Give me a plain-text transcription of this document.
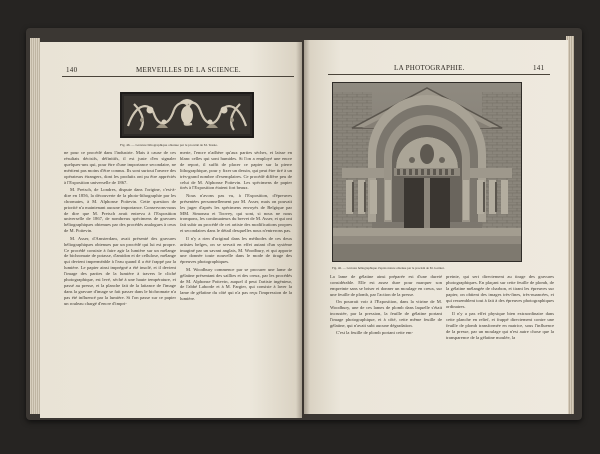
140	MERVEILLES DE LA SCIENCE.
Fig. 46. — Gravure lithographique obtenue par le procédé de M. Tessie.

ne pour ce procédé dans l'industrie. Mais à cause de ces résultats décisifs, définitifs, il est juste d'en signaler quelques-uns qui, pour être d'une importance secondaire, ne méritent pas moins d'être connus. Ils sont surtout l'œuvre des opérateurs étrangers, dont les produits ont pu être appréciés à l'Exposition universelle de 1867.

M. Pretsch, de Londres, dispute dans l'origine, c'est-à-dire en 1856, la découverte de la photo-lithographie par les chromates, à M. Alphonse Poitevin. Cette question de priorité n'a maintenant aucune importance. Conservons-nous de dire que M. Pretsch avait entrevu à l'Exposition universelle de 1867, de nombreux spécimens de gravures héliographiques obtenues par des procédés analogues à ceux de M. Poitevin.

M. Asser, d'Amsterdam, avait présenté des gravures héliographiques obtenues par un procédé qui lui est propre. Ce procédé consiste à faire agir la lumière sur un mélange de bichromate de potasse, d'amidon et de cellulose, mélange qui devient imperméable à l'eau quand il a été frappé par la lumière. Le papier ainsi imprégné a été insolé, et il devient l'image des parties de la lumière à travers le cliché photographique, est levé, séché à une haute température, et passé au presse, et la planche fait de la laitance de l'image dans la gravure d'image se fait passer dans le bichromate n'a pas été influencé par la lumière. Si l'on passe sur ce papier un rouleau chargé d'encre d'impri-

merie, l'encre n'adhère qu'aux parties sèches, et laisse en blanc celles qui sont humides. Si l'on a employé une encre de report, il suffit de placer ce papier sur la pierre lithographique, pour y fixer un dessin, qui peut être tiré à un très-grand nombre d'exemplaires. Ce procédé diffère peu de celui de M. Alphonse Poitevin. Les spécimens de papier tirés à l'Exposition étaient fort beaux.

Nous n'avons pas vu, à l'Exposition, d'épreuves présentées personnellement par M. Asser, mais on pouvait les juger d'après les spécimens envoyés de Belgique par MM. Simonau et Toovey, qui sont, si nous ne nous trompons, les continuateurs du brevet de M. Asser, et qui ont fait subir au procédé de cet artiste des modifications propres et secondaires dans le détail desquelles nous n'entrerons pas.

Il n'y a rien d'original dans les méthodes de ces deux artistes belges, on se servait en effet autant d'un système imaginé par un savant anglais, M. Woodbury, et qui apporte une donnée toute nouvelle dans le mode de tirage des épreuves photographiques.

M. Woodbury commence par se procurer une lame de gélatine présentant des saillies et des creux, par les procédés de M. Alphonse Poitevin, auquel il peut l'artiste ingénieur, de l'abbé Laborde et à M. Fargier, qui consiste à laver la lame de gélatine du côté qui n'a pas reçu l'impression de la lumière.

LA PHOTOGRAPHIE.	141
Fig. 46. — Gravure héliographique d'après nature obtenue par le procédé de M. Garnier.

La lame de gélatine ainsi préparée est d'une dureté considérable. Elle est assez dure pour marquer son empreinte sans se briser et donner un moulage en creux, sur une feuille de plomb, par l'action de la presse.

On pourrait voir à l'Exposition, dans la vitrine de M. Woodbury, une de ces lames de plomb dans laquelle s'était incrustée, par la pression, la feuille de gélatine portant l'image photographique, et à côté, cette même feuille de gélatine, qui n'avait subi aucune dégradation.

C'est la feuille de plomb portant cette em-

preinte, qui sert directement au tirage des gravures photographiques. En plaçant sur cette feuille de plomb, de la gélatine mélangée de charbon, et tirant les épreuves sur papier, on obtient des images très-fines, très-nuancées, et qui ressemblent tout à fait à des épreuves photographiques ordinaires.

Il n'y a pas effet physique bien extraordinaire dans cette planche en relief, et frappé directement contre une feuille de plomb transformée en matrice, sous l'influence de la presse, par un moulage qui n'est autre chose que la transparence de la gélatine moulée, la
